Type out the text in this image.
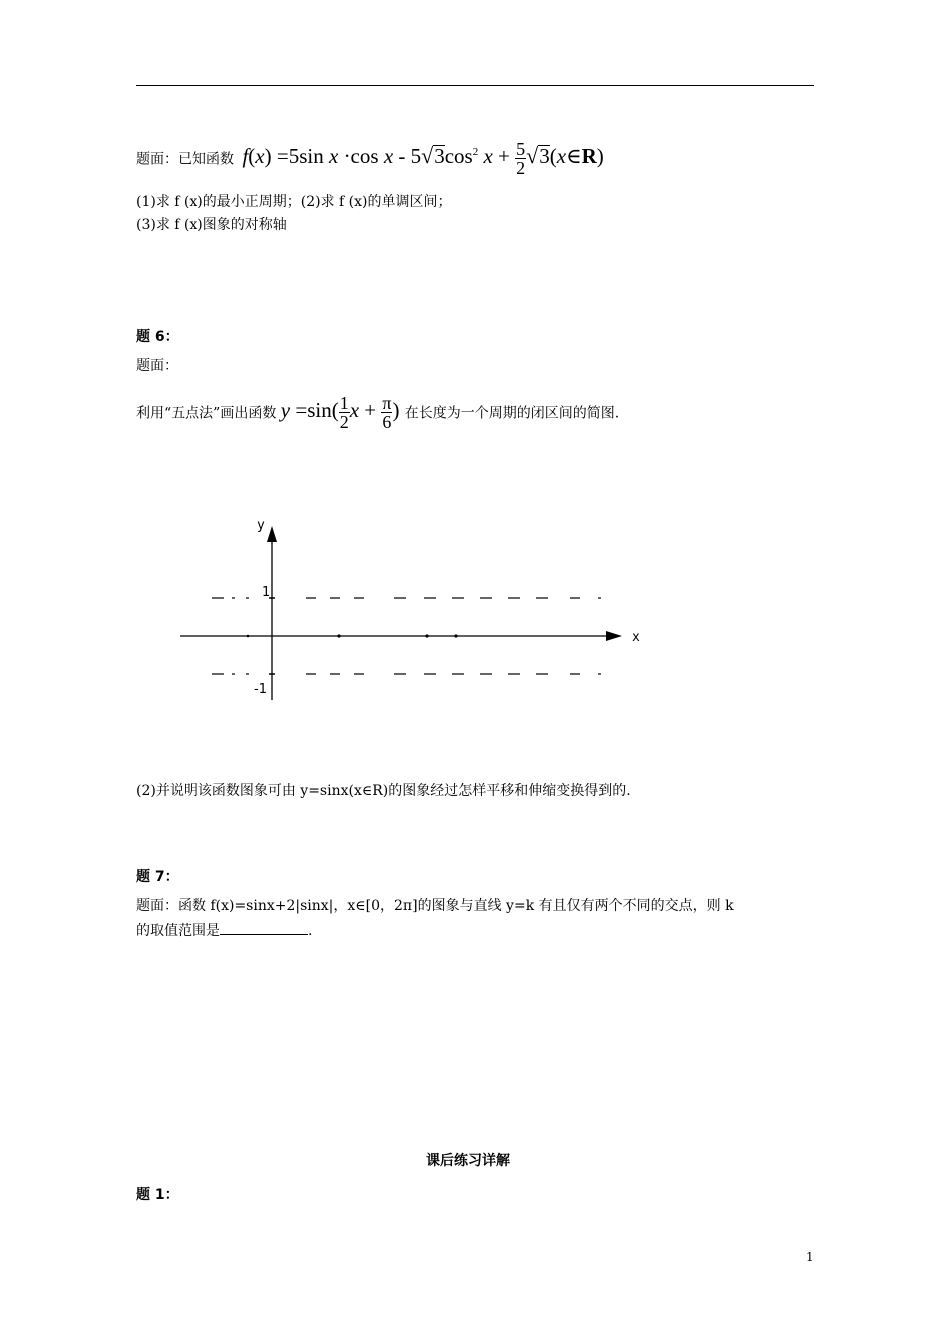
题面：已知函数 f(x) =5sin x ·cos x - $5√3\cos^2$ $x + \frac{5}{2}$ √3(x∈R)
(1)求 f (x)的最小正周期；(2)求 f (x)的单调区间；
(3)求 f (x)图象的对称轴
题 6：
题面：
利用“五点法”画出函数 $y =\sin( \frac{1}{2}$ $x + \frac{\pi}{6}$ ) 在长度为一个周期的闭区间的简图.
y
x
1
-1
(2)并说明该函数图象可由 y=sinx(x∈R)的图象经过怎样平移和伸缩变换得到的.
题 7：
题面：函数 f(x)=sinx+2|sinx|，x∈[0，2π]的图象与直线 y=k 有且仅有两个不同的交点，则 k
的取值范围是	.
课后练习详解
题 1：
1
